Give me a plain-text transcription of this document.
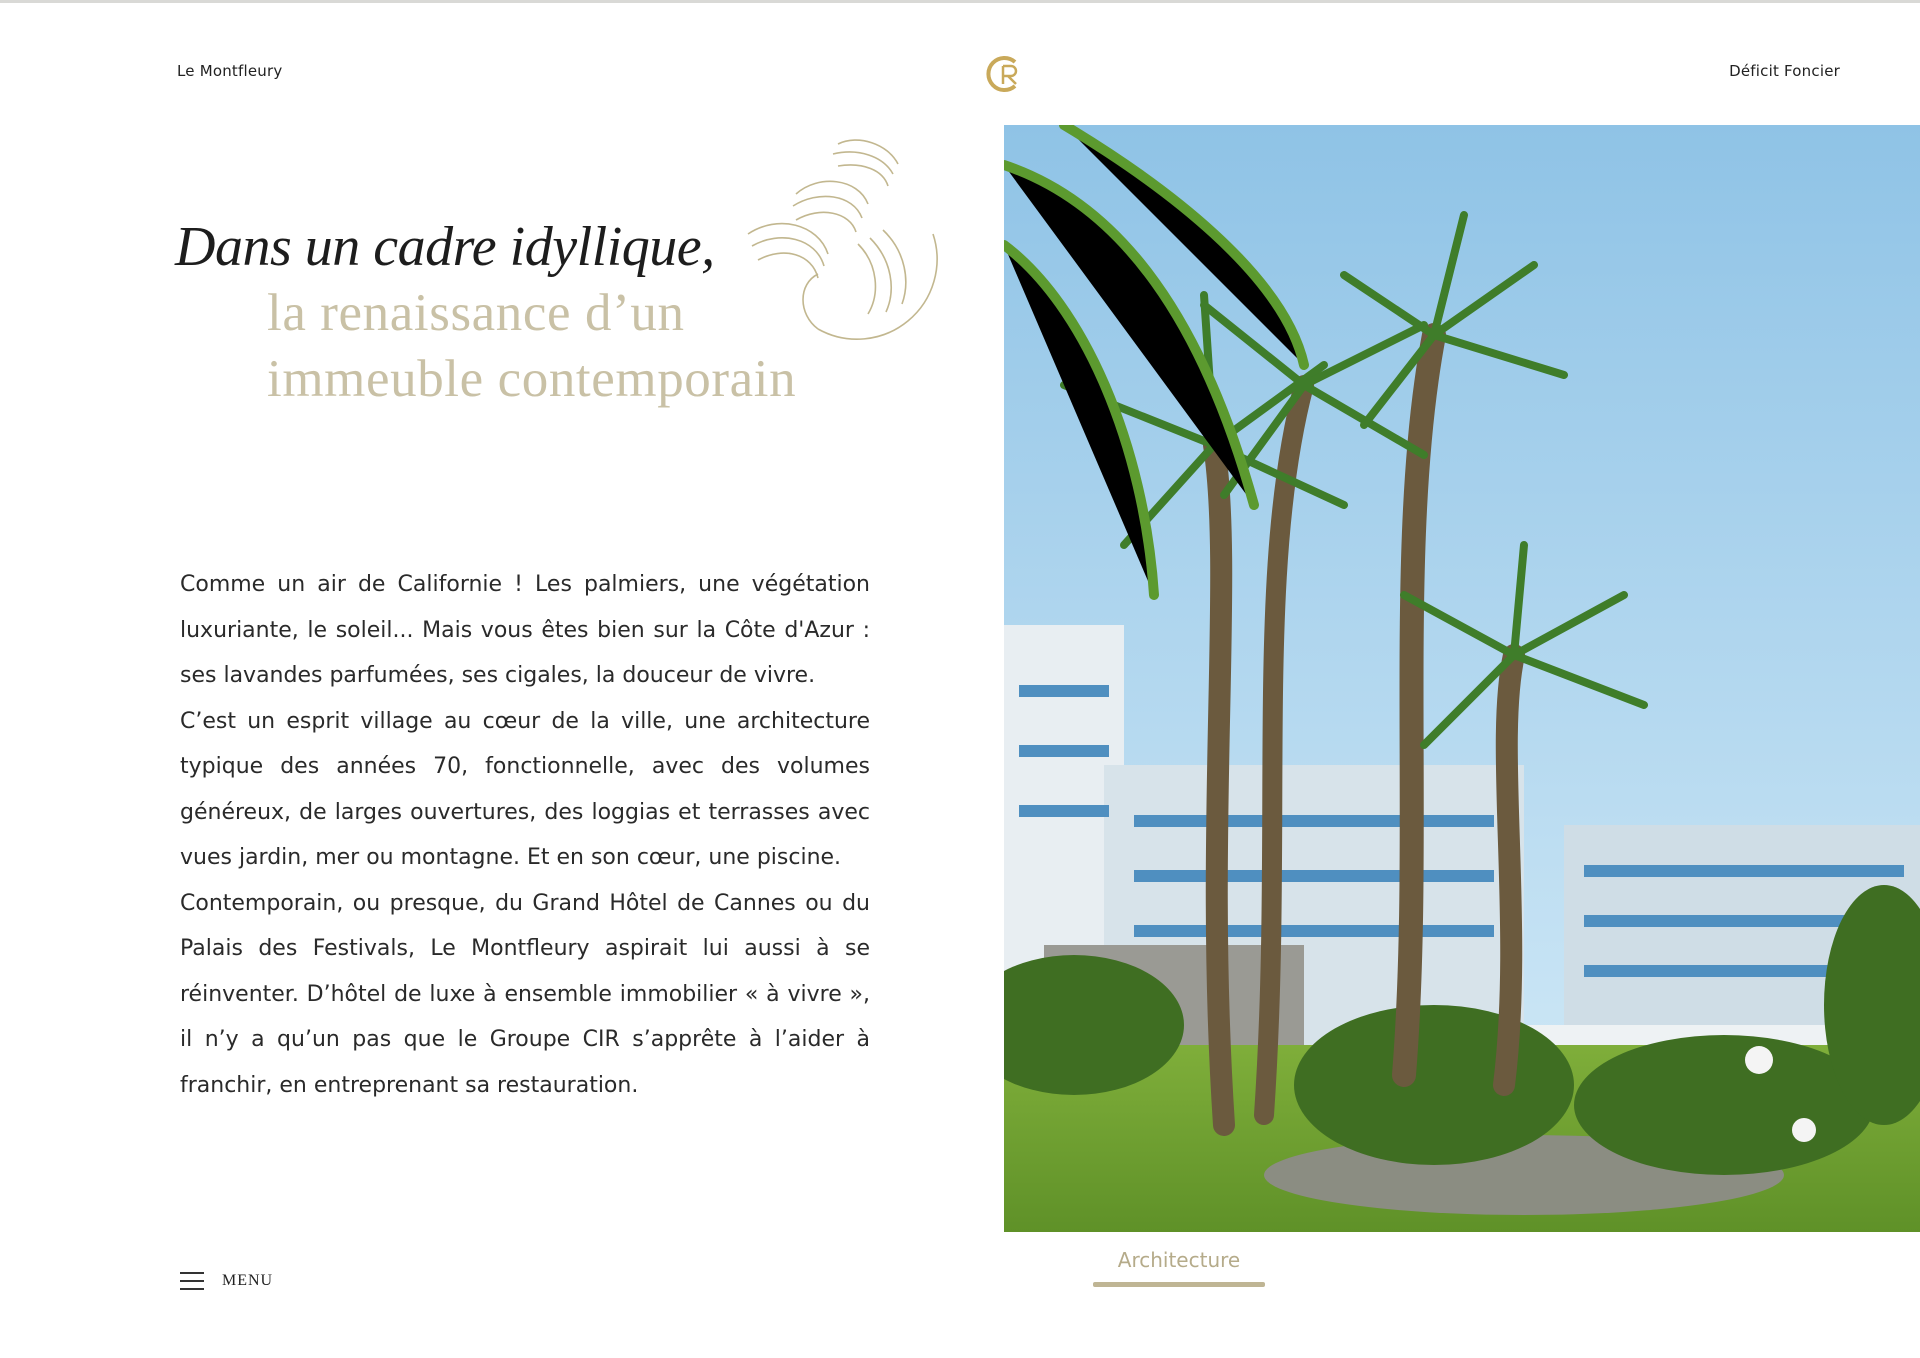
Le Montfleury	Déficit Foncier
Dans un cadre idyllique,
la renaissance d’un
immeuble contemporain

Comme un air de Californie ! Les palmiers, une végétation luxuriante, le soleil... Mais vous êtes bien sur la Côte d'Azur : ses lavandes parfumées, ses cigales, la douceur de vivre.

C’est un esprit village au cœur de la ville, une architecture typique des années 70, fonctionnelle, avec des volumes généreux, de larges ouvertures, des loggias et terrasses avec vues jardin, mer ou montagne. Et en son cœur, une piscine.

Contemporain, ou presque, du Grand Hôtel de Cannes ou du Palais des Festivals, Le Montfleury aspirait lui aussi à se réinventer. D’hôtel de luxe à ensemble immobilier « à vivre », il n’y a qu’un pas que le Groupe CIR s’apprête à l’aider à franchir, en entreprenant sa restauration.

Architecture
MENU
